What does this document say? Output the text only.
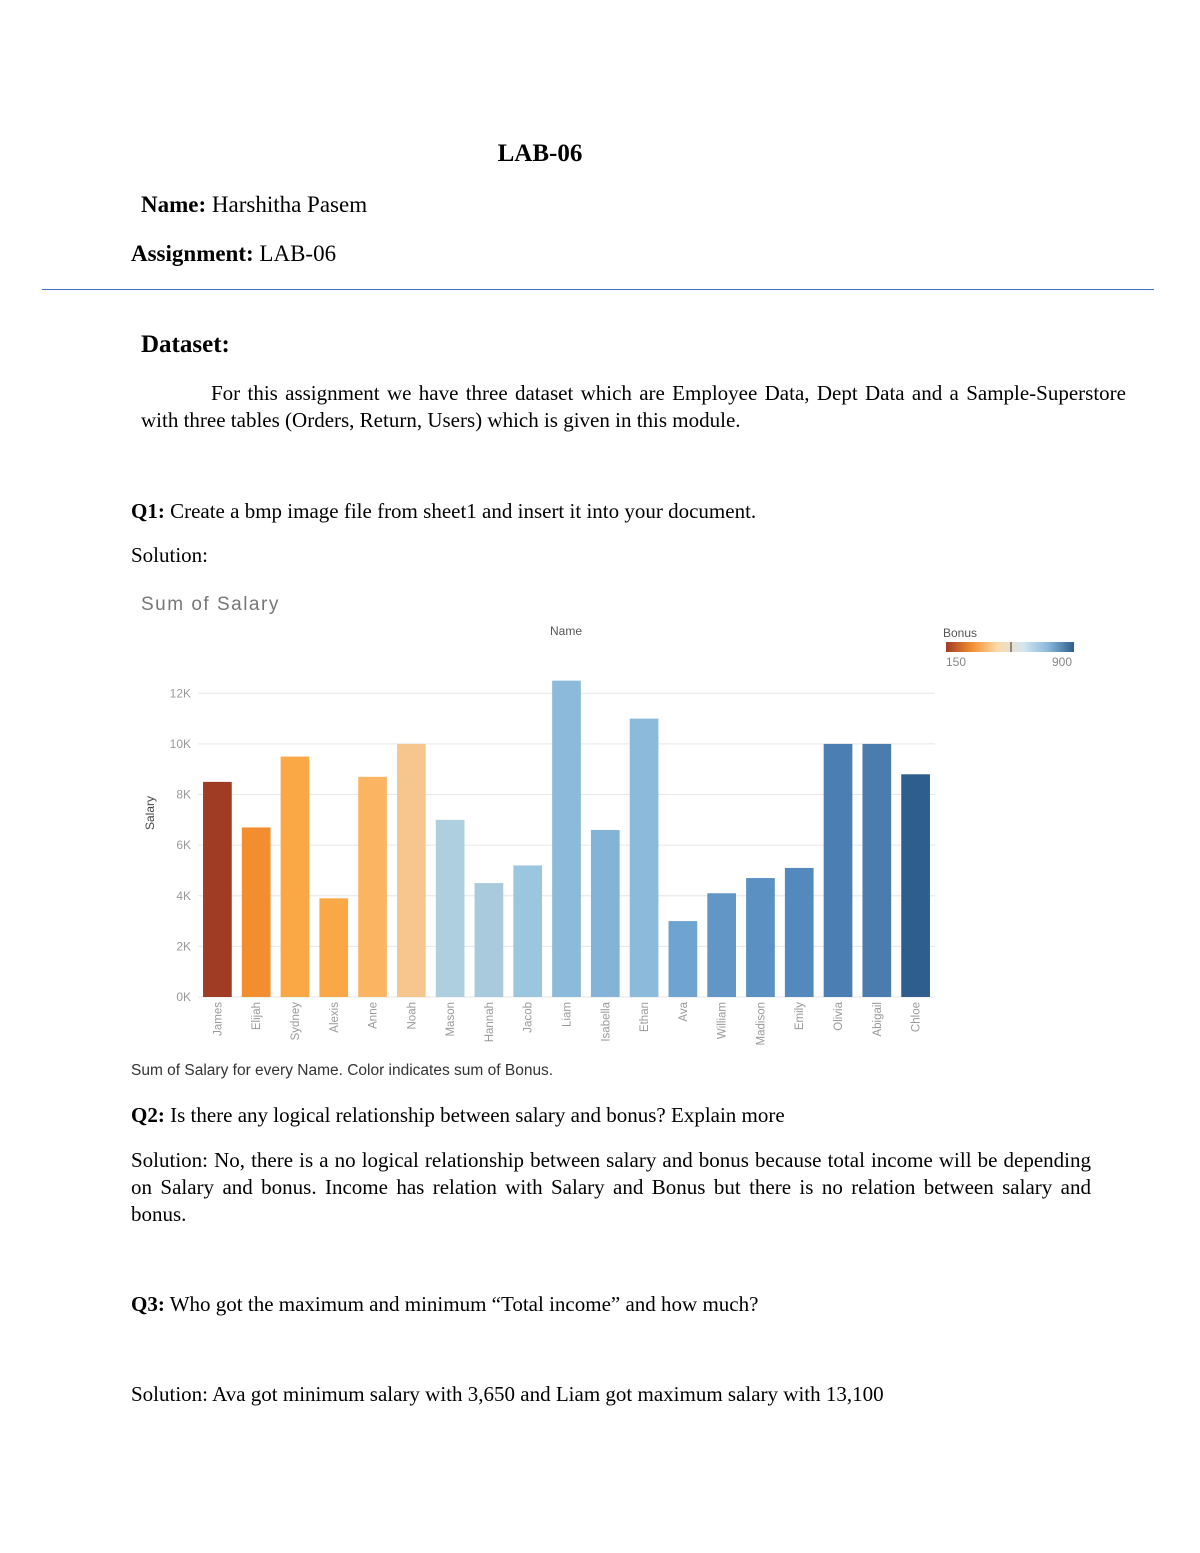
LAB-06
Name: Harshitha Pasem
Assignment: LAB-06
Dataset:
For this assignment we have three dataset which are Employee Data, Dept Data and a Sample-Superstore with three tables (Orders, Return, Users) which is given in this module.
Q1: Create a bmp image file from sheet1 and insert it into your document.
Solution:
Sum of Salary
Name
Salary
0K
2K
4K
6K
8K
10K
12K
James Elijah Sydney Alexis Anne Noah Mason Hannah Jacob Liam Isabella Ethan Ava William Madison Emily Olivia Abigail Chloe
Bonus
150	900
Sum of Salary for every Name. Color indicates sum of Bonus.
Q2: Is there any logical relationship between salary and bonus? Explain more
Solution: No, there is a no logical relationship between salary and bonus because total income will be depending on Salary and bonus. Income has relation with Salary and Bonus but there is no relation between salary and bonus.
Q3: Who got the maximum and minimum “Total income” and how much?
Solution: Ava got minimum salary with 3,650 and Liam got maximum salary with 13,100
